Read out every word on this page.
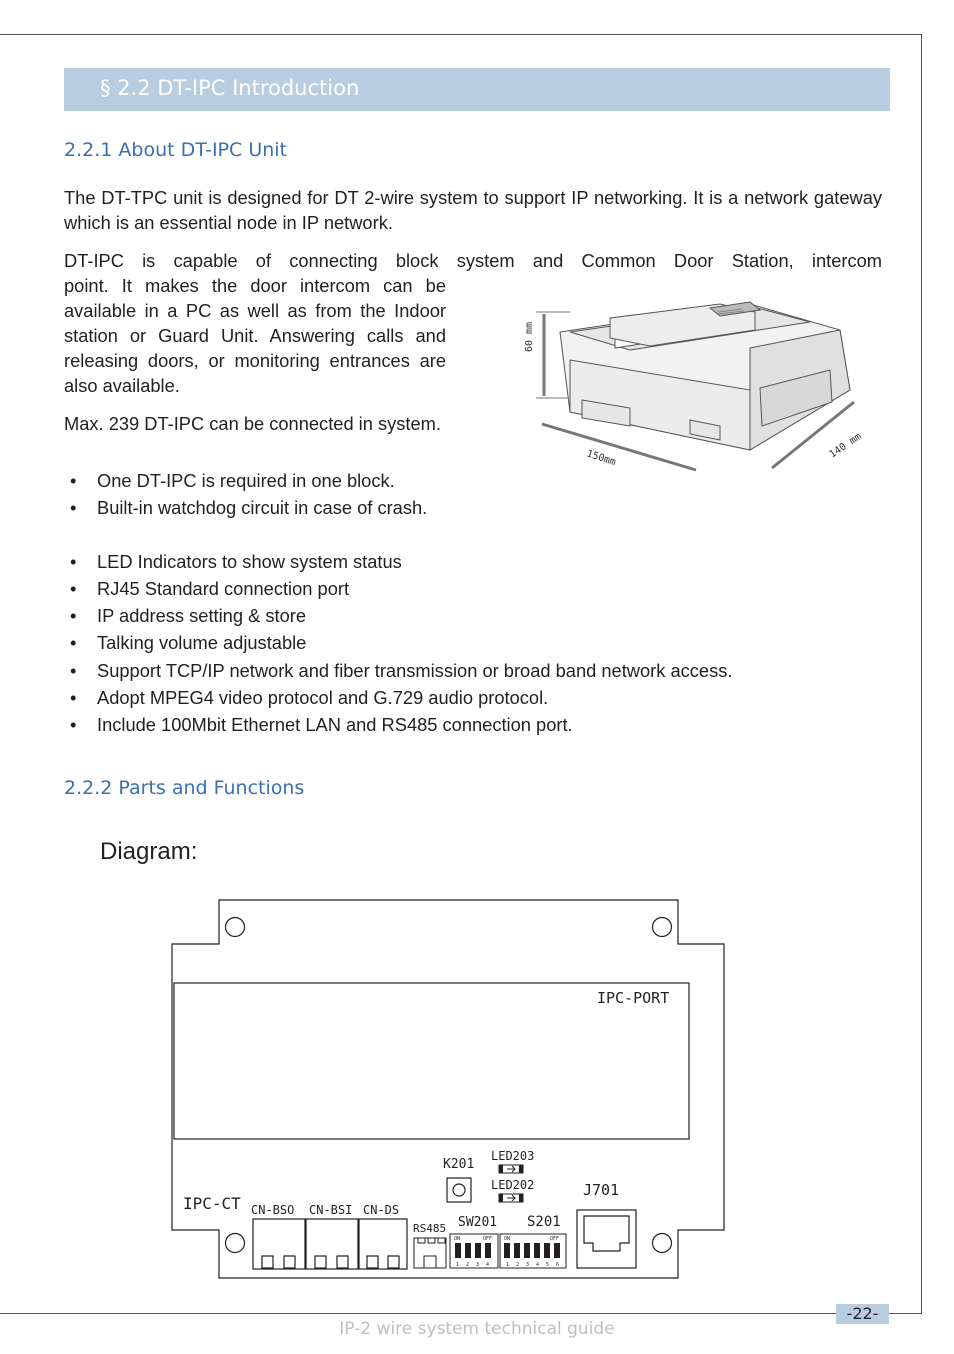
§ 2.2 DT-IPC Introduction
2.2.1 About DT-IPC Unit

The DT-TPC unit is designed for DT 2-wire system to support IP networking. It is a network gateway which is an essential node in IP network.

DT-IPC is capable of connecting block system and Common Door Station, intercom

point. It makes the door intercom can be available in a PC as well as from the Indoor station or Guard Unit. Answering calls and releasing doors, or monitoring entrances are also available.

Max. 239 DT-IPC can be connected in system.

• One DT-IPC is required in one block.
• Built-in watchdog circuit in case of crash.
• LED Indicators to show system status
• RJ45 Standard connection port
• IP address setting & store
• Talking volume adjustable
• Support TCP/IP network and fiber transmission or broad band network access.
• Adopt MPEG4 video protocol and G.729 audio protocol.
• Include 100Mbit Ethernet LAN and RS485 connection port.
60 mm
150mm	140 mm
2.2.2 Parts and Functions
Diagram:
IPC-PORT
IPC-CT CN-BSO CN-BSI CN-DS
RS485
K201
LED203
LED202	J701
SW201
ON	OFF
1 2 3 4
S201
ON	OFF
1 2 3 4 5 6
-22-
IP-2 wire system technical guide
